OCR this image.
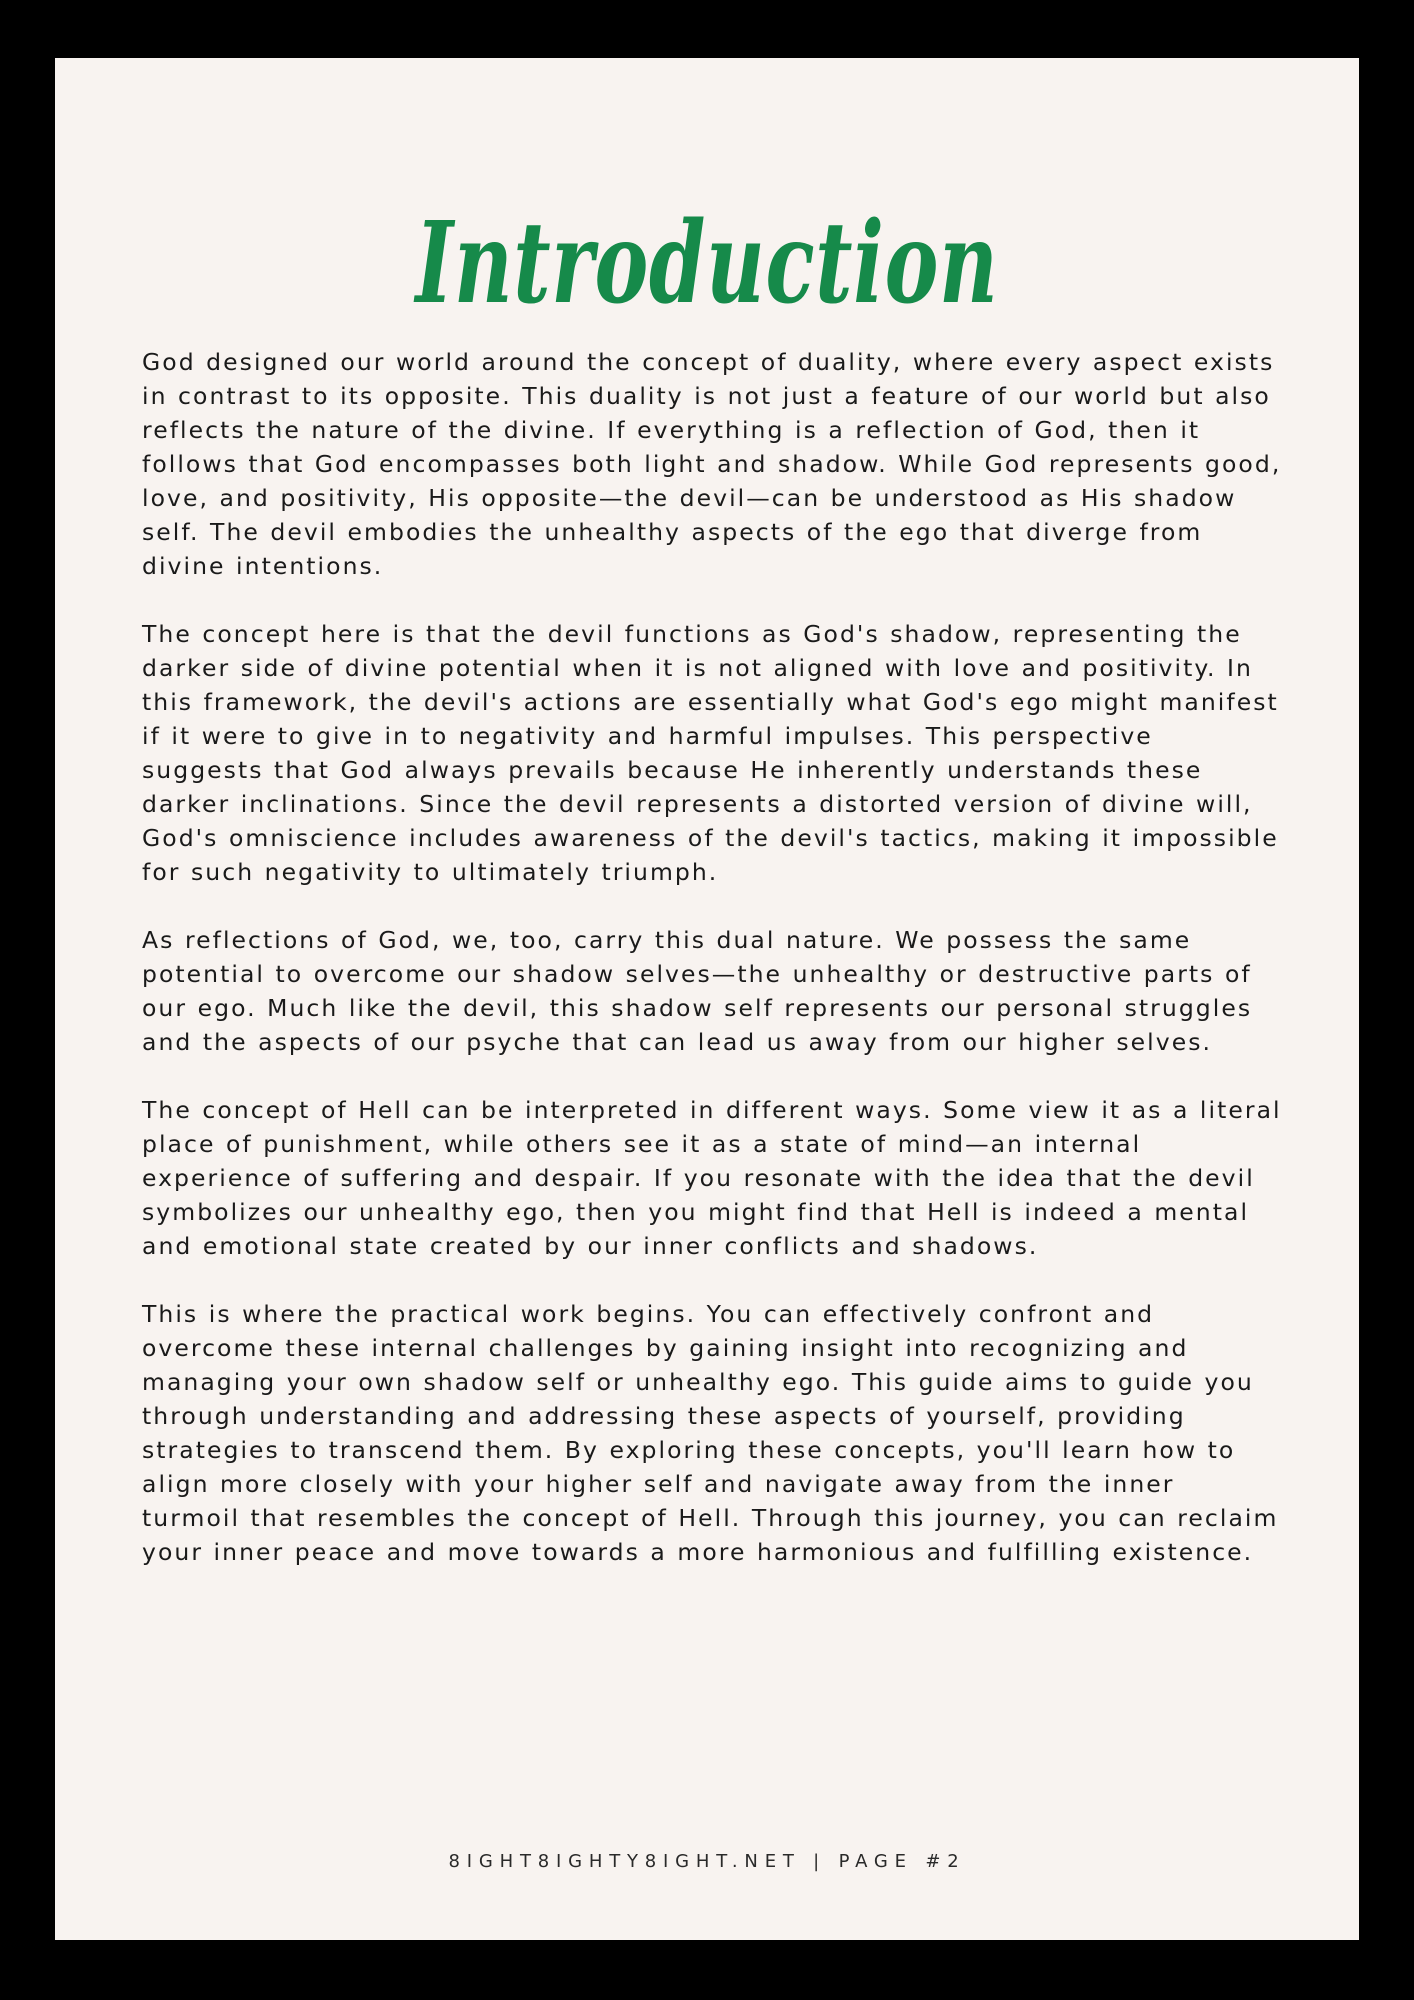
Introduction

God designed our world around the concept of duality, where every aspect exists in contrast to its opposite. This duality is not just a feature of our world but also reflects the nature of the divine. If everything is a reflection of God, then it follows that God encompasses both light and shadow. While God represents good, love, and positivity, His opposite—the devil—can be understood as His shadow self. The devil embodies the unhealthy aspects of the ego that diverge from divine intentions.

The concept here is that the devil functions as God's shadow, representing the darker side of divine potential when it is not aligned with love and positivity. In this framework, the devil's actions are essentially what God's ego might manifest if it were to give in to negativity and harmful impulses. This perspective suggests that God always prevails because He inherently understands these darker inclinations. Since the devil represents a distorted version of divine will, God's omniscience includes awareness of the devil's tactics, making it impossible for such negativity to ultimately triumph.

As reflections of God, we, too, carry this dual nature. We possess the same potential to overcome our shadow selves—the unhealthy or destructive parts of our ego. Much like the devil, this shadow self represents our personal struggles and the aspects of our psyche that can lead us away from our higher selves.

The concept of Hell can be interpreted in different ways. Some view it as a literal place of punishment, while others see it as a state of mind—an internal experience of suffering and despair. If you resonate with the idea that the devil symbolizes our unhealthy ego, then you might find that Hell is indeed a mental and emotional state created by our inner conflicts and shadows.

This is where the practical work begins. You can effectively confront and overcome these internal challenges by gaining insight into recognizing and managing your own shadow self or unhealthy ego. This guide aims to guide you through understanding and addressing these aspects of yourself, providing strategies to transcend them. By exploring these concepts, you'll learn how to align more closely with your higher self and navigate away from the inner turmoil that resembles the concept of Hell. Through this journey, you can reclaim your inner peace and move towards a more harmonious and fulfilling existence.

8IGHT8IGHTY8IGHT.NET | PAGE #2
